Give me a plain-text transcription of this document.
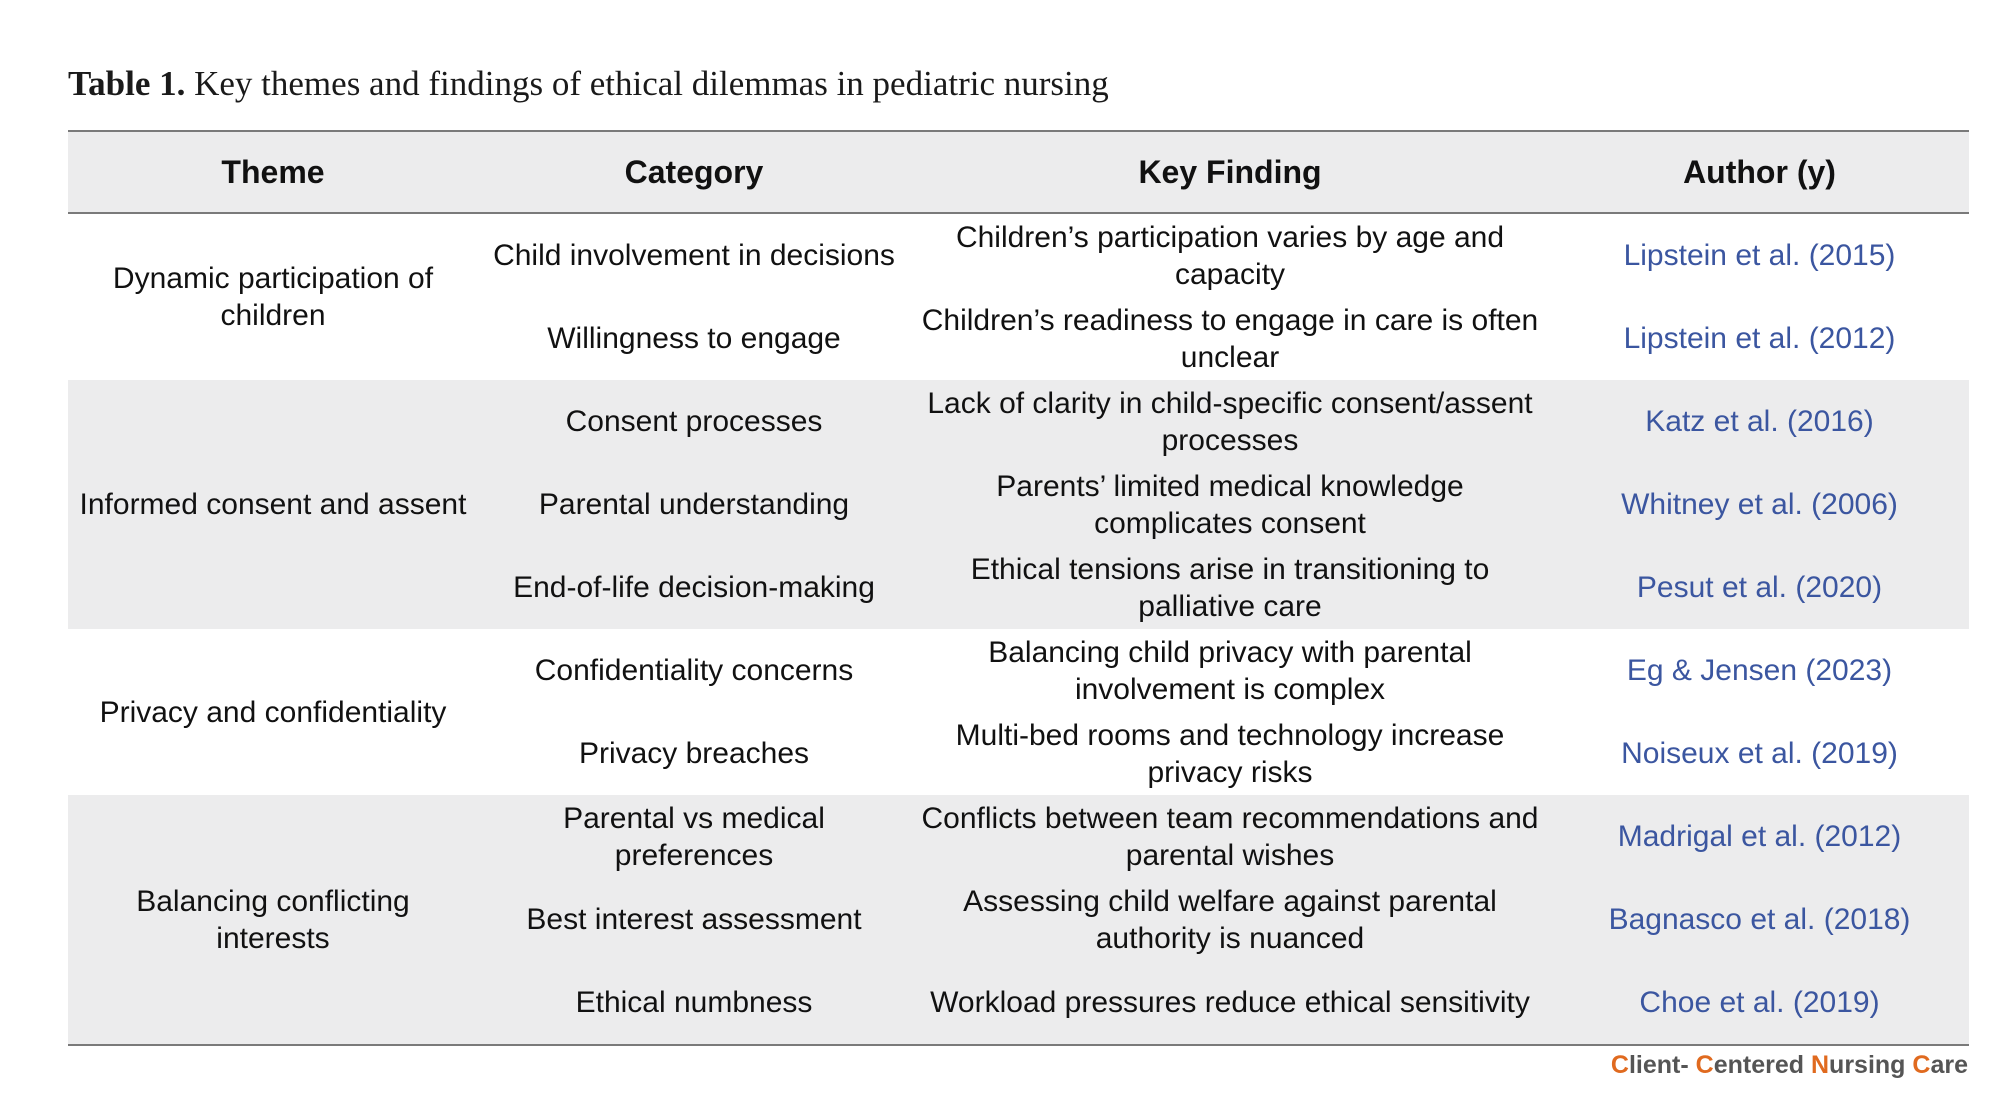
Table 1. Key themes and findings of ethical dilemmas in pediatric nursing
Theme	Category	Key Finding	Author (y)
Dynamic participation of children	Child involvement in decisions	Children’s participation varies by age and capacity	Lipstein et al. (2015)
	Willingness to engage	Children’s readiness to engage in care is often unclear	Lipstein et al. (2012)
Informed consent and assent	Consent processes	Lack of clarity in child-specific consent/assent processes	Katz et al. (2016)
	Parental understanding	Parents’ limited medical knowledge complicates consent	Whitney et al. (2006)
	End-of-life decision-making	Ethical tensions arise in transitioning to palliative care	Pesut et al. (2020)
Privacy and confidentiality	Confidentiality concerns	Balancing child privacy with parental involvement is complex	Eg & Jensen (2023)
	Privacy breaches	Multi-bed rooms and technology increase privacy risks	Noiseux et al. (2019)
Balancing conflicting interests	Parental vs medical preferences	Conflicts between team recommendations and parental wishes	Madrigal et al. (2012)
	Best interest assessment	Assessing child welfare against parental authority is nuanced	Bagnasco et al. (2018)
	Ethical numbness	Workload pressures reduce ethical sensitivity	Choe et al. (2019)
Client- Centered Nursing Care
